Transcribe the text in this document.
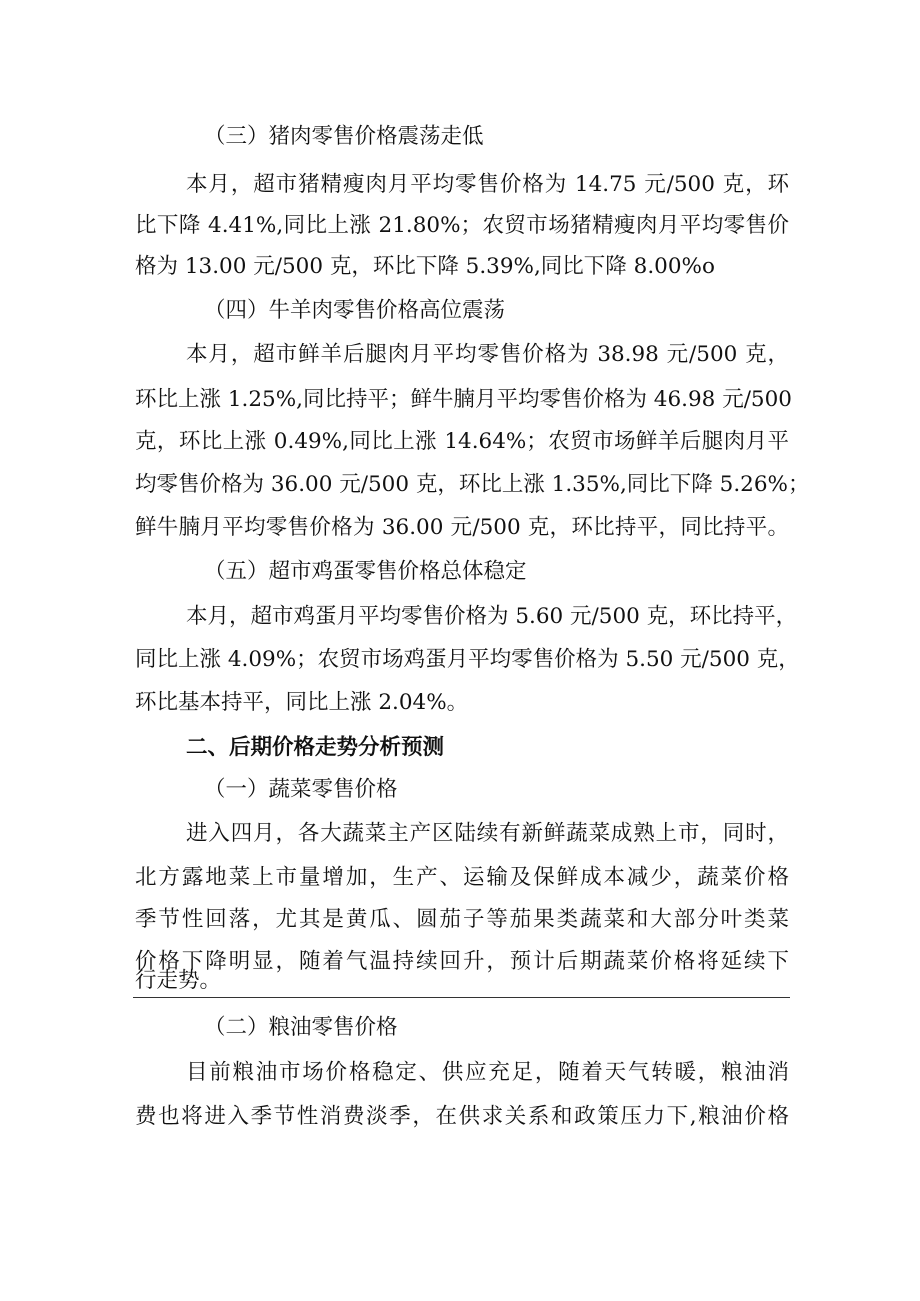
（三）猪肉零售价格震荡走低
本月，超市猪精瘦肉月平均零售价格为 14.75 元/500 克，环
比下降 4.41%,同比上涨 21.80%；农贸市场猪精瘦肉月平均零售价
格为 13.00 元/500 克，环比下降 5.39%,同比下降 8.00%o
（四）牛羊肉零售价格高位震荡
本月，超市鲜羊后腿肉月平均零售价格为 38.98 元/500 克，
环比上涨 1.25%,同比持平；鲜牛腩月平均零售价格为 46.98 元/500
克，环比上涨 0.49%,同比上涨 14.64%；农贸市场鲜羊后腿肉月平
均零售价格为 36.00 元/500 克，环比上涨 1.35%,同比下降 5.26%；
鲜牛腩月平均零售价格为 36.00 元/500 克，环比持平，同比持平。
（五）超市鸡蛋零售价格总体稳定
本月，超市鸡蛋月平均零售价格为 5.60 元/500 克，环比持平，
同比上涨 4.09%；农贸市场鸡蛋月平均零售价格为 5.50 元/500 克，
环比基本持平，同比上涨 2.04%。
二、后期价格走势分析预测
（一）蔬菜零售价格
进入四月，各大蔬菜主产区陆续有新鲜蔬菜成熟上市，同时，
北方露地菜上市量增加，生产、运输及保鲜成本减少，蔬菜价格
季节性回落，尤其是黄瓜、圆茄子等茄果类蔬菜和大部分叶类菜
价格下降明显，随着气温持续回升，预计后期蔬菜价格将延续下
行走势。
（二）粮油零售价格
目前粮油市场价格稳定、供应充足，随着天气转暖，粮油消
费也将进入季节性消费淡季，在供求关系和政策压力下,粮油价格
